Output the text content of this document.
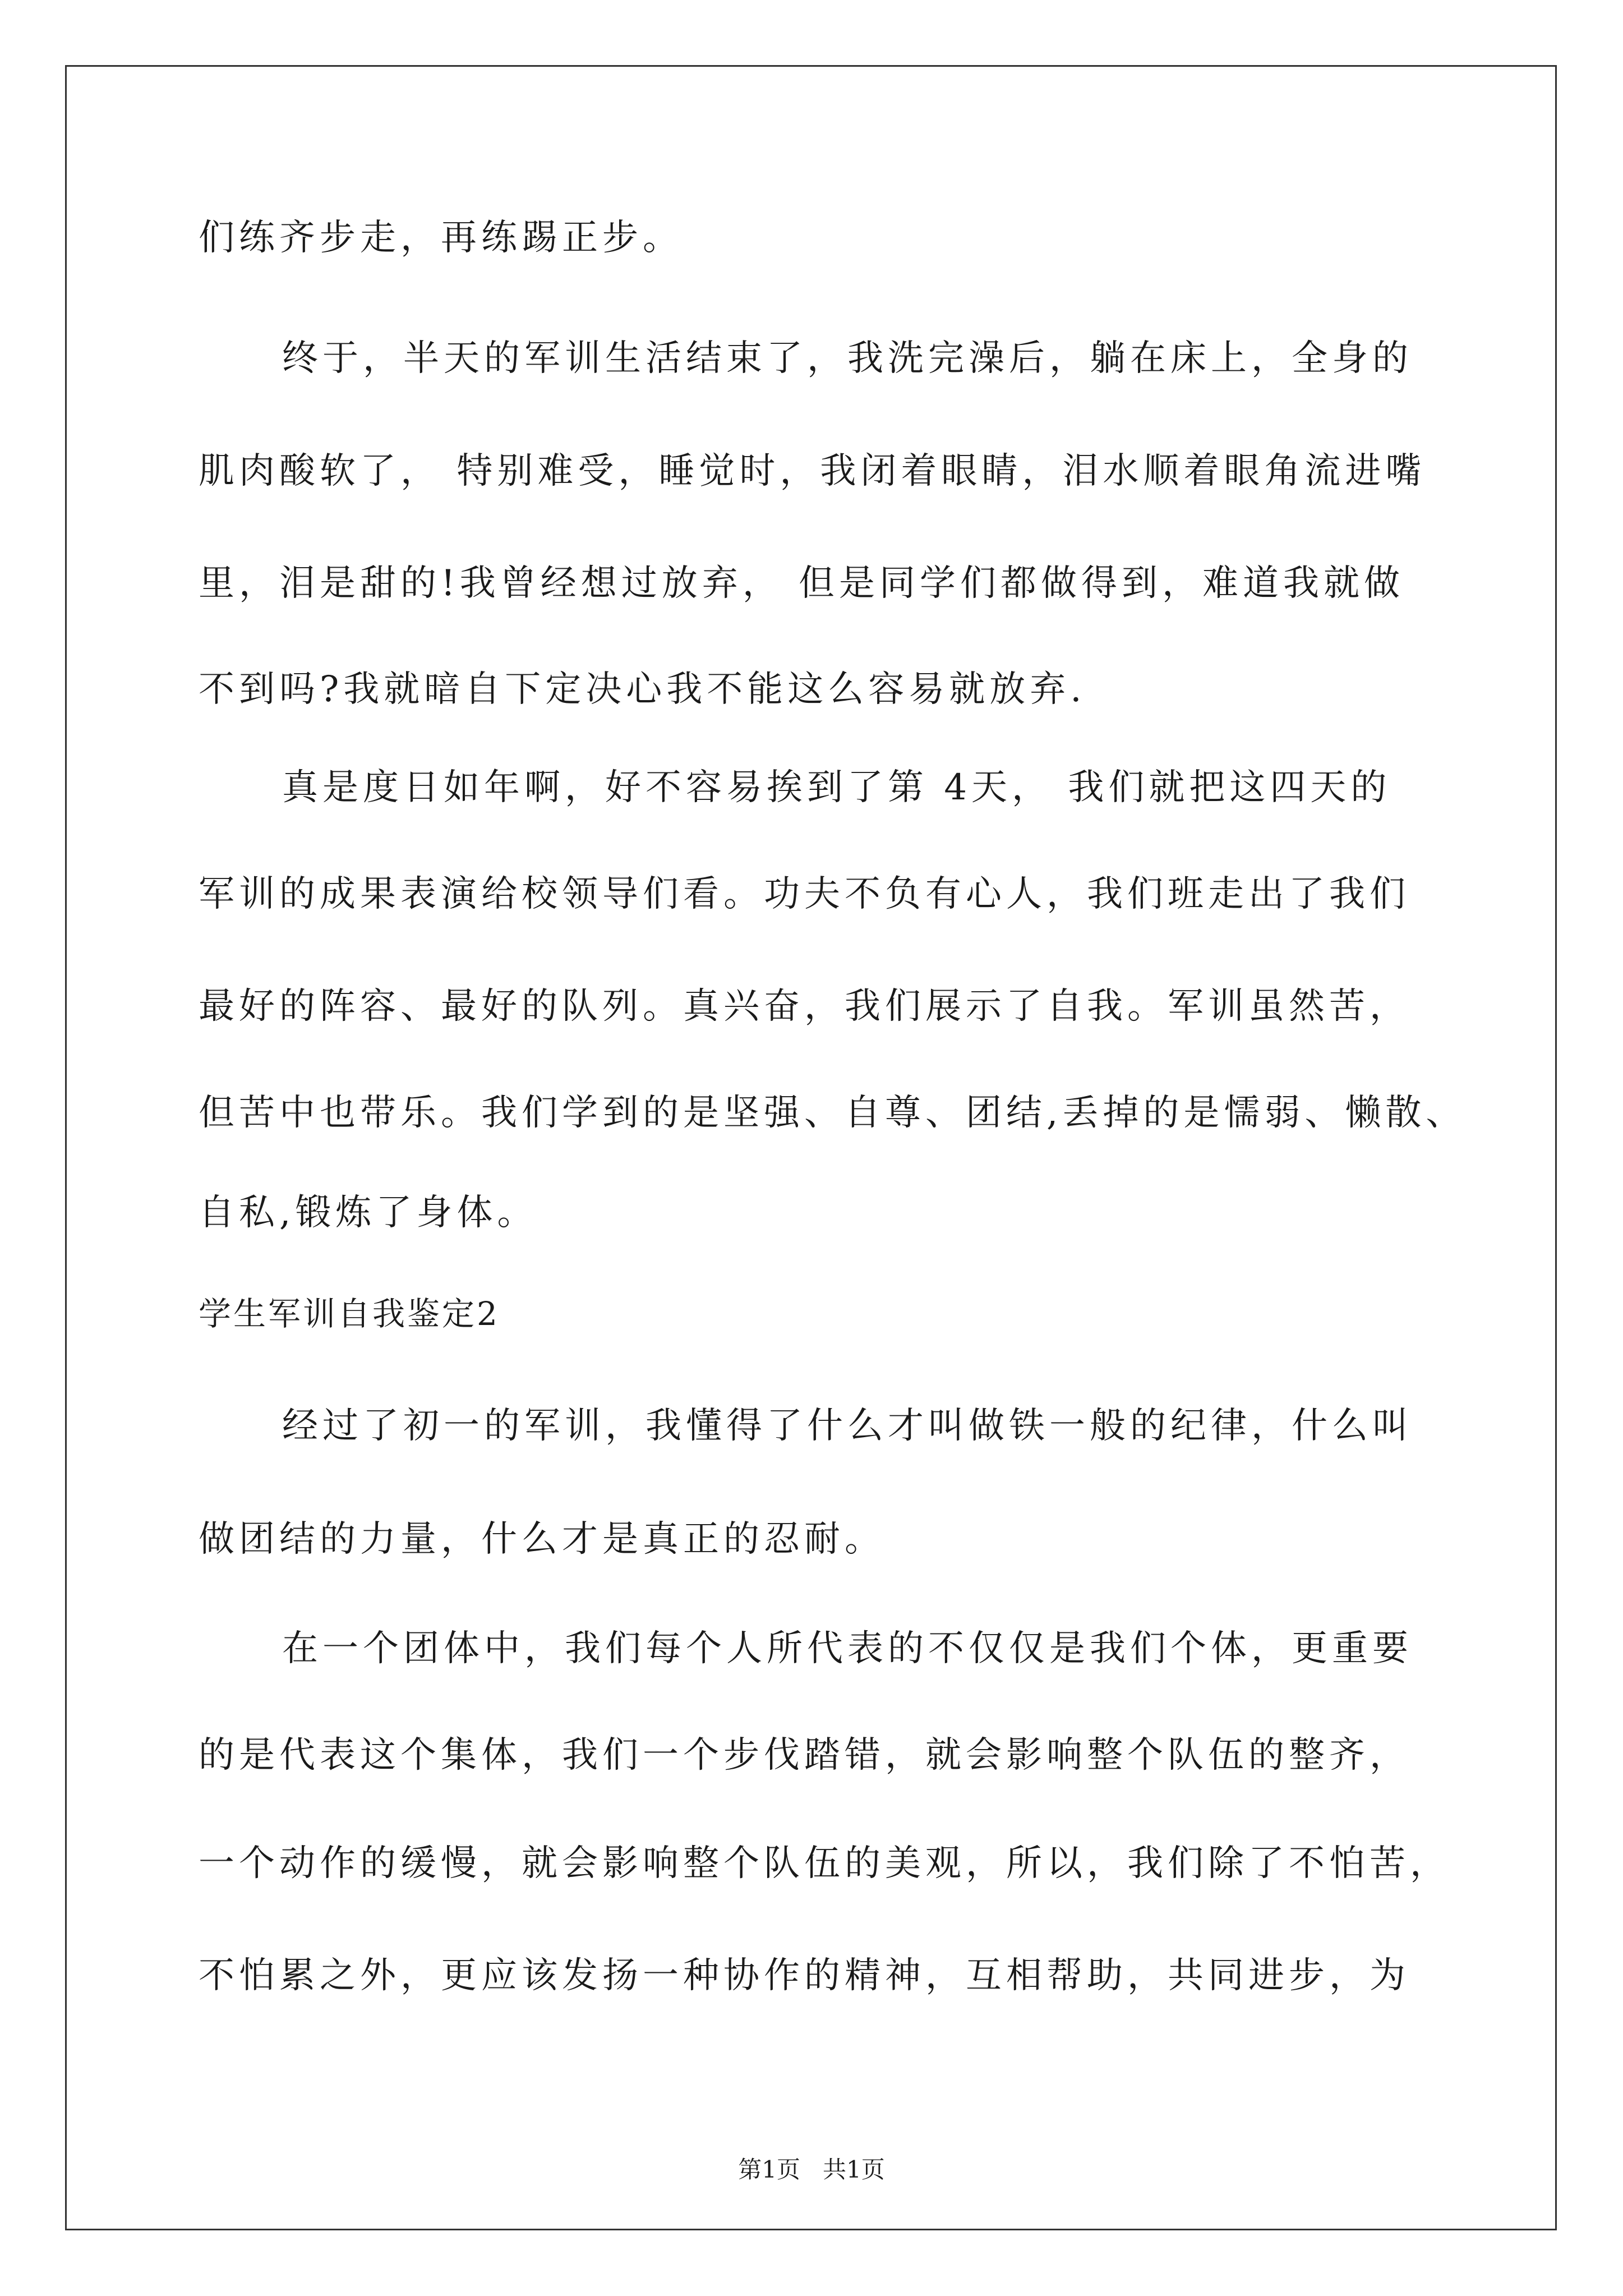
们练齐步走，再练踢正步。
终于，半天的军训生活结束了，我洗完澡后，躺在床上，全身的
肌肉酸软了， 特别难受，睡觉时，我闭着眼睛，泪水顺着眼角流进嘴
里，泪是甜的!我曾经想过放弃， 但是同学们都做得到，难道我就做
不到吗?我就暗自下定决心我不能这么容易就放弃.
真是度日如年啊，好不容易挨到了第 4天， 我们就把这四天的
军训的成果表演给校领导们看。功夫不负有心人，我们班走出了我们
最好的阵容、最好的队列。真兴奋，我们展示了自我。军训虽然苦，
但苦中也带乐。我们学到的是坚强、自尊、团结,丢掉的是懦弱、懒散、
自私,锻炼了身体。
学生军训自我鉴定2
经过了初一的军训，我懂得了什么才叫做铁一般的纪律，什么叫
做团结的力量，什么才是真正的忍耐。
在一个团体中，我们每个人所代表的不仅仅是我们个体，更重要
的是代表这个集体，我们一个步伐踏错，就会影响整个队伍的整齐，
一个动作的缓慢，就会影响整个队伍的美观，所以，我们除了不怕苦，
不怕累之外，更应该发扬一种协作的精神，互相帮助，共同进步，为
第1页   共1页
